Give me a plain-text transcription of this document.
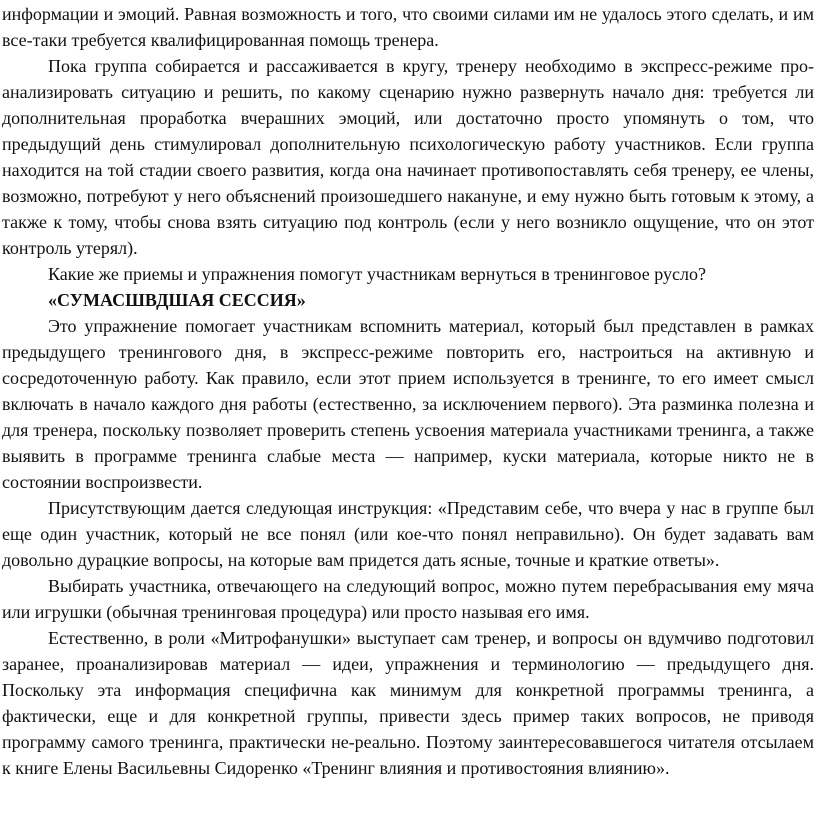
информации и эмоций. Равная возможность и того, что своими силами им не удалось этого сделать, и им все-таки требуется квалифицированная помощь тренера.

Пока группа собирается и рассаживается в кругу, тренеру необходимо в экспресс-режиме проанализировать ситуацию и решить, по какому сценарию нужно развернуть начало дня: требуется ли дополнительная проработка вчерашних эмоций, или достаточно просто упомянуть о том, что предыдущий день стимулировал дополнительную психологическую работу участников. Если группа находится на той стадии своего развития, когда она начинает противопоставлять себя тренеру, ее члены, возможно, потребуют у него объяснений произошедшего накануне, и ему нужно быть готовым к этому, а также к тому, чтобы снова взять ситуацию под контроль (если у него возникло ощущение, что он этот контроль утерял).

Какие же приемы и упражнения помогут участникам вернуться в тренинговое русло?

«СУМАСШВДШАЯ СЕССИЯ»

Это упражнение помогает участникам вспомнить материал, который был представлен в рамках предыдущего тренингового дня, в экспресс-режиме повторить его, настроиться на активную и сосредоточенную работу. Как правило, если этот прием используется в тренинге, то его имеет смысл включать в начало каждого дня работы (естественно, за исключением первого). Эта разминка полезна и для тренера, поскольку позволяет проверить степень усвоения материала участниками тренинга, а также выявить в программе тренинга слабые места — например, куски материала, которые никто не в состоянии воспроизвести.

Присутствующим дается следующая инструкция: «Представим себе, что вчера у нас в группе был еще один участник, который не все понял (или кое-что понял неправильно). Он будет задавать вам довольно дурацкие вопросы, на которые вам придется дать ясные, точные и краткие ответы».

Выбирать участника, отвечающего на следующий вопрос, можно путем перебрасывания ему мяча или игрушки (обычная тренинговая процедура) или просто называя его имя.

Естественно, в роли «Митрофанушки» выступает сам тренер, и вопросы он вдумчиво подготовил заранее, проанализировав материал — идеи, упражнения и терминологию — предыдущего дня. Поскольку эта информация специфична как минимум для конкретной программы тренинга, а фактически, еще и для конкретной группы, привести здесь пример таких вопросов, не приводя программу самого тренинга, практически не-реально. Поэтому заинтересовавшегося читателя отсылаем к книге Елены Васильевны Сидоренко «Тренинг влияния и противостояния влиянию».
